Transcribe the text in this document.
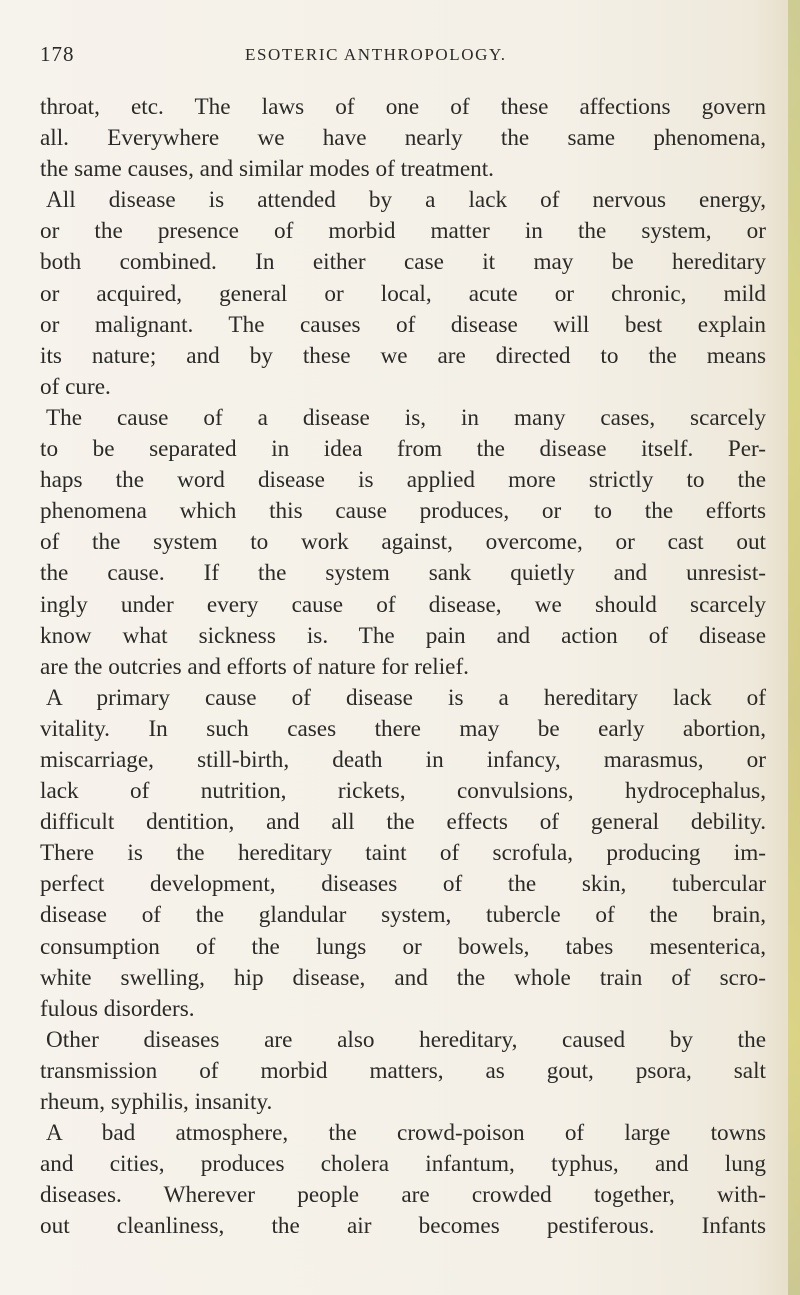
178	ESOTERIC ANTHROPOLOGY.
throat, etc. The laws of one of these affections govern
all. Everywhere we have nearly the same phenomena,
the same causes, and similar modes of treatment.
All disease is attended by a lack of nervous energy,
or the presence of morbid matter in the system, or
both combined. In either case it may be hereditary
or acquired, general or local, acute or chronic, mild
or malignant. The causes of disease will best explain
its nature; and by these we are directed to the means
of cure.
The cause of a disease is, in many cases, scarcely
to be separated in idea from the disease itself. Per-
haps the word disease is applied more strictly to the
phenomena which this cause produces, or to the efforts
of the system to work against, overcome, or cast out
the cause. If the system sank quietly and unresist-
ingly under every cause of disease, we should scarcely
know what sickness is. The pain and action of disease
are the outcries and efforts of nature for relief.
A primary cause of disease is a hereditary lack of
vitality. In such cases there may be early abortion,
miscarriage, still-birth, death in infancy, marasmus, or
lack of nutrition, rickets, convulsions, hydrocephalus,
difficult dentition, and all the effects of general debility.
There is the hereditary taint of scrofula, producing im-
perfect development, diseases of the skin, tubercular
disease of the glandular system, tubercle of the brain,
consumption of the lungs or bowels, tabes mesenterica,
white swelling, hip disease, and the whole train of scro-
fulous disorders.
Other diseases are also hereditary, caused by the
transmission of morbid matters, as gout, psora, salt
rheum, syphilis, insanity.
A bad atmosphere, the crowd-poison of large towns
and cities, produces cholera infantum, typhus, and lung
diseases. Wherever people are crowded together, with-
out cleanliness, the air becomes pestiferous. Infants
